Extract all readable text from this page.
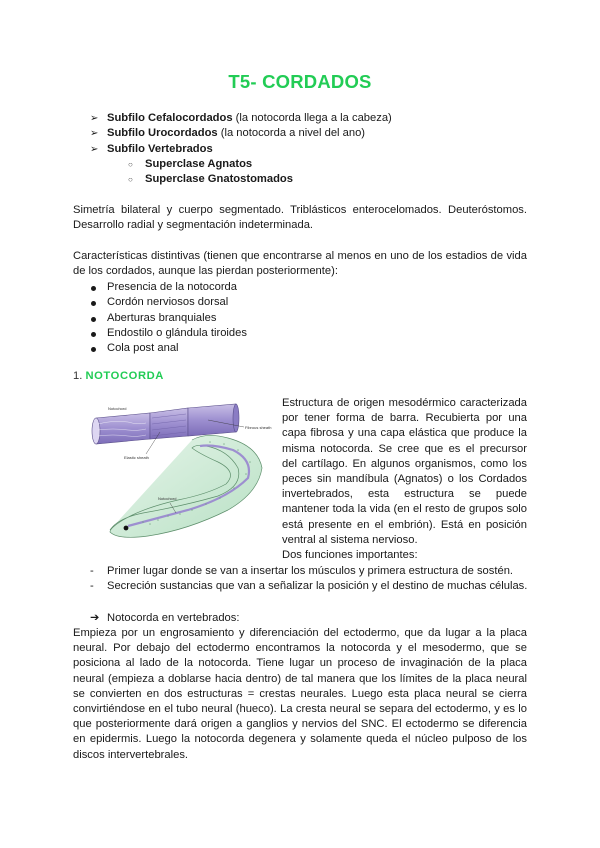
T5- CORDADOS
➢ Subfilo Cefalocordados (la notocorda llega a la cabeza)
➢ Subfilo Urocordados (la notocorda a nivel del ano)
➢ Subfilo Vertebrados
○ Superclase Agnatos
○ Superclase Gnatostomados

Simetría bilateral y cuerpo segmentado. Triblásticos enterocelomados. Deuteróstomos. Desarrollo radial y segmentación indeterminada.

Características distintivas (tienen que encontrarse al menos en uno de los estadios de vida de los cordados, aunque las pierdan posteriormente):

Presencia de la notocorda
Cordón nerviosos dorsal
Aberturas branquiales
Endostilo o glándula tiroides
Cola post anal
1. NOTOCORDA
Notochord
Fibrous sheath
Elastic sheath
Notochord

Estructura de origen mesodérmico caracterizada por tener forma de barra. Recubierta por una capa fibrosa y una capa elástica que produce la misma notocorda. Se cree que es el precursor del cartílago. En algunos organismos, como los peces sin mandíbula (Agnatos) o los Cordados invertebrados, esta estructura se puede mantener toda la vida (en el resto de grupos solo está presente en el embrión). Está en posición ventral al sistema nervioso.
Dos funciones importantes:

- Primer lugar donde se van a insertar los músculos y primera estructura de sostén.
- Secreción sustancias que van a señalizar la posición y el destino de muchas células.
➔ Notocorda en vertebrados:

Empieza por un engrosamiento y diferenciación del ectodermo, que da lugar a la placa neural. Por debajo del ectodermo encontramos la notocorda y el mesodermo, que se posiciona al lado de la notocorda. Tiene lugar un proceso de invaginación de la placa neural (empieza a doblarse hacia dentro) de tal manera que los límites de la placa neural se convierten en dos estructuras = crestas neurales. Luego esta placa neural se cierra convirtiéndose en el tubo neural (hueco). La cresta neural se separa del ectodermo, y es lo que posteriormente dará origen a ganglios y nervios del SNC. El ectodermo se diferencia en epidermis. Luego la notocorda degenera y solamente queda el núcleo pulposo de los discos intervertebrales.
